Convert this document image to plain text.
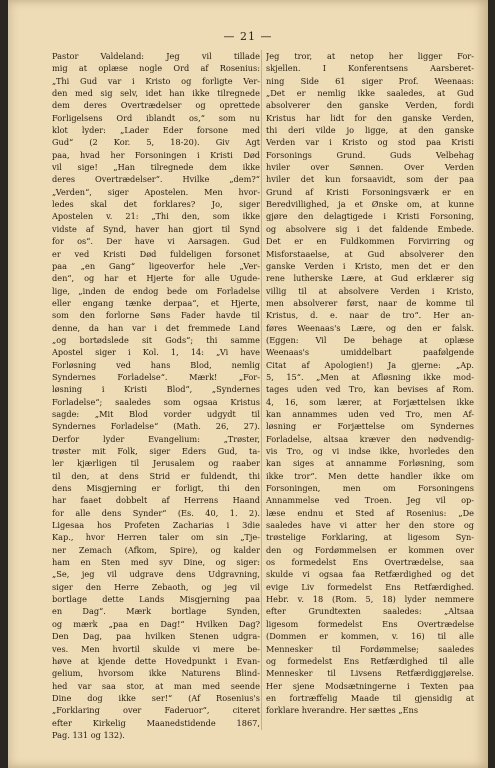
— 21 —
Pastor Valdeland: Jeg vil tillade
mig at oplæse nogle Ord af Rosenius:
„Thi Gud var i Kristo og forligte Ver-
den med sig selv, idet han ikke tilregnede
dem deres Overtrædelser og oprettede
Forligelsens Ord iblandt os,“ som nu
klot lyder: „Lader Eder forsone med
Gud“ (2 Kor. 5, 18-20). Giv Agt
paa, hvad her Forsoningen i Kristi Død
vil sige! „Han tilregnede dem ikke
deres Overtrædelser“. Hvilke „dem?“
„Verden“, siger Apostelen. Men hvor-
ledes skal det forklares? Jo, siger
Apostelen v. 21: „Thi den, som ikke
vidste af Synd, haver han gjort til Synd
for os“. Der have vi Aarsagen. Gud
er ved Kristi Død fuldeligen forsonet
paa „en Gang“ ligeoverfor hele „Ver-
den“, og har et Hjerte for alle Ugude-
lige, „inden de endog bede om Forladelse
eller engang tænke derpaa“, et Hjerte,
som den forlorne Søns Fader havde til
denne, da han var i det fremmede Land
„og bortødslede sit Gods“; thi samme
Apostel siger i Kol. 1, 14: „Vi have
Forløsning ved hans Blod, nemlig
Syndernes Forladelse“. Mærk! „For-
løsning i Kristi Blod“, „Syndernes
Forladelse“; saaledes som ogsaa Kristus
sagde: „Mit Blod vorder udgydt til
Syndernes Forladelse“ (Math. 26, 27).
Derfor lyder Evangelium: „Trøster,
trøster mit Folk, siger Eders Gud, ta-
ler kjærligen til Jerusalem og raaber
til den, at dens Strid er fuldendt, thi
dens Misgjerning er forligt, thi den
har faaet dobbelt af Herrens Haand
for alle dens Synder“ (Es. 40, 1. 2).
Ligesaa hos Profeten Zacharias i 3die
Kap., hvor Herren taler om sin „Tje-
ner Zemach (Afkom, Spire), og kalder
ham en Sten med syv Dine, og siger:
„Se, jeg vil udgrave dens Udgravning,
siger den Herre Zebaoth, og jeg vil
bortlage dette Lands Misgjerning paa
en Dag“. Mærk bortlage Synden,
og mærk „paa en Dag!“ Hvilken Dag?
Den Dag, paa hvilken Stenen udgra-
ves. Men hvortil skulde vi mere be-
høve at kjende dette Hovedpunkt i Evan-
gelium, hvorsom ikke Naturens Blind-
hed var saa stor, at man med seende
Dine dog ikke ser!“ (Af Rosenius's
„Forklaring over Faderuor“, citeret
efter Kirkelig Maanedstidende 1867,
Pag. 131 og 132).
Jeg tror, at netop her ligger For-
skjellen. I Konferentsens Aarsberet-
ning Side 61 siger Prof. Weenaas:
„Det er nemlig ikke saaledes, at Gud
absolverer den ganske Verden, fordi
Kristus har lidt for den ganske Verden,
thi deri vilde jo ligge, at den ganske
Verden var i Kristo og stod paa Kristi
Forsonings Grund. Guds Velbehag
hviler over Sønnen. Over Verden
hviler det kun forsaavidt, som der paa
Grund af Kristi Forsoningsværk er en
Beredvillighed, ja et Ønske om, at kunne
gjøre den delagtigede i Kristi Forsoning,
og absolvere sig i det faldende Embede.
Det er en Fuldkommen Forvirring og
Misforstaaelse, at Gud absolverer den
ganske Verden i Kristo, men det er den
rene lutherske Lære, at Gud erklærer sig
villig til at absolvere Verden i Kristo,
men absolverer først, naar de komme til
Kristus, d. e. naar de tro“. Her an-
føres Weenaas's Lære, og den er falsk.
(Eggen: Vil De behage at oplæse
Weenaas's umiddelbart paafølgende
Citat af Apologien!) Ja gjerne: „Ap.
5, 15“. „Men at Afløsning ikke mod-
tages uden ved Tro, kan bevises af Rom.
4, 16, som lærer, at Forjættelsen ikke
kan annammes uden ved Tro, men Af-
løsning er Forjættelse om Syndernes
Forladelse, altsaa kræver den nødvendig-
vis Tro, og vi indse ikke, hvorledes den
kan siges at annamme Forløsning, som
ikke tror“. Men dette handler ikke om
Forsoningen, men om Forsoningens
Annammelse ved Troen. Jeg vil op-
læse endnu et Sted af Rosenius: „De
saaledes have vi atter her den store og
trøstelige Forklaring, at ligesom Syn-
den og Fordømmelsen er kommen over
os formedelst Ens Overtrædelse, saa
skulde vi ogsaa faa Retfærdighed og det
evige Liv formedelst Ens Retfærdighed.
Hebr. v. 18 (Rom. 5, 18) lyder nemmere
efter Grundtexten saaledes: „Altsaa
ligesom formedelst Ens Overtrædelse
(Dommen er kommen, v. 16) til alle
Mennesker til Fordømmelse; saaledes
og formedelst Ens Retfærdighed til alle
Mennesker til Livsens Retfærdiggjørelse.
Her sjene Modsætningerne i Texten paa
en fortræffelig Maade til gjensidig at
forklare hverandre. Her sættes „Ens
